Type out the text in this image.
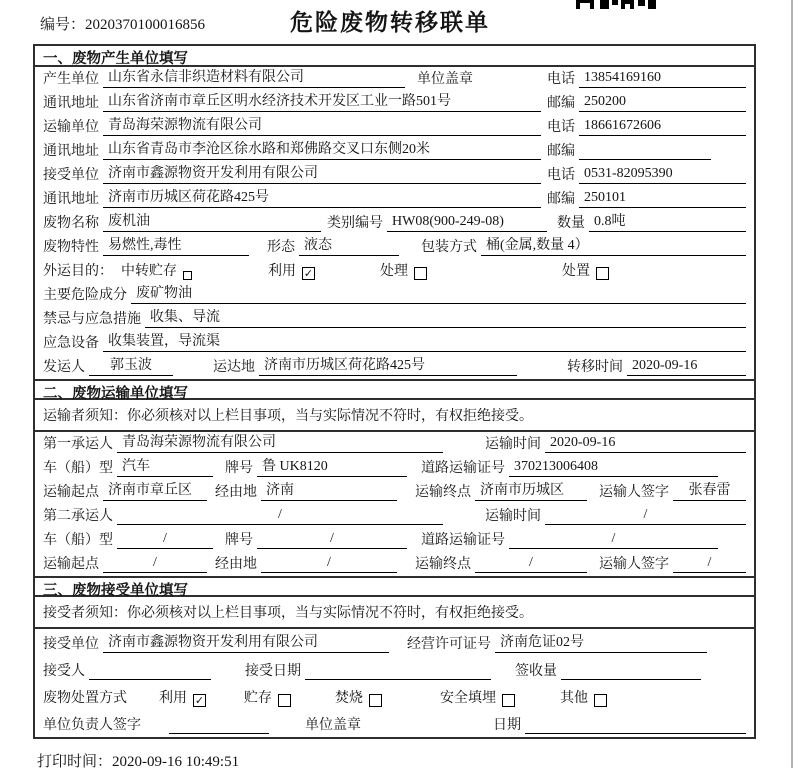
编号：2020370100016856	危险废物转移联单
一、废物产生单位填写
产生单位 山东省永信非织造材料有限公司	单位盖章	电话 13854169160
通讯地址 山东省济南市章丘区明水经济技术开发区工业一路501号	邮编 250200
运输单位 青岛海荣源物流有限公司	电话 18661672606
通讯地址 山东省青岛市李沧区徐水路和郑佛路交叉口东侧20米	邮编
接受单位 济南市鑫源物资开发利用有限公司	电话 0531-82095390
通讯地址 济南市历城区荷花路425号	邮编 250101
废物名称 废机油	类别编号 HW08(900-249-08)	数量 0.8吨
废物特性 易燃性,毒性	形态 液态	包装方式 桶(金属,数量 4）
外运目的： 中转贮存	利用 ✓	处理	处置
主要危险成分 废矿物油
禁忌与应急措施 收集、导流
应急设备 收集装置，导流渠
发运人	郭玉波	运达地 济南市历城区荷花路425号	转移时间 2020-09-16
二、废物运输单位填写
运输者须知：你必须核对以上栏目事项，当与实际情况不符时，有权拒绝接受。
第一承运人 青岛海荣源物流有限公司	运输时间 2020-09-16
车（船）型 汽车	牌号 鲁 UK8120	道路运输证号 370213006408
运输起点 济南市章丘区	经由地 济南	运输终点 济南市历城区	运输人签字	张春雷
第二承运人	/	运输时间	/
车（船）型	/	牌号	/	道路运输证号	/
运输起点	/	经由地	/	运输终点	/	运输人签字	/
三、废物接受单位填写
接受者须知：你必须核对以上栏目事项，当与实际情况不符时，有权拒绝接受。
接受单位 济南市鑫源物资开发利用有限公司	经营许可证号 济南危证02号
接受人	接受日期	签收量
废物处置方式 利用 ✓	贮存	焚烧	安全填埋	其他
单位负责人签字	单位盖章	日期
打印时间：2020-09-16 10:49:51
